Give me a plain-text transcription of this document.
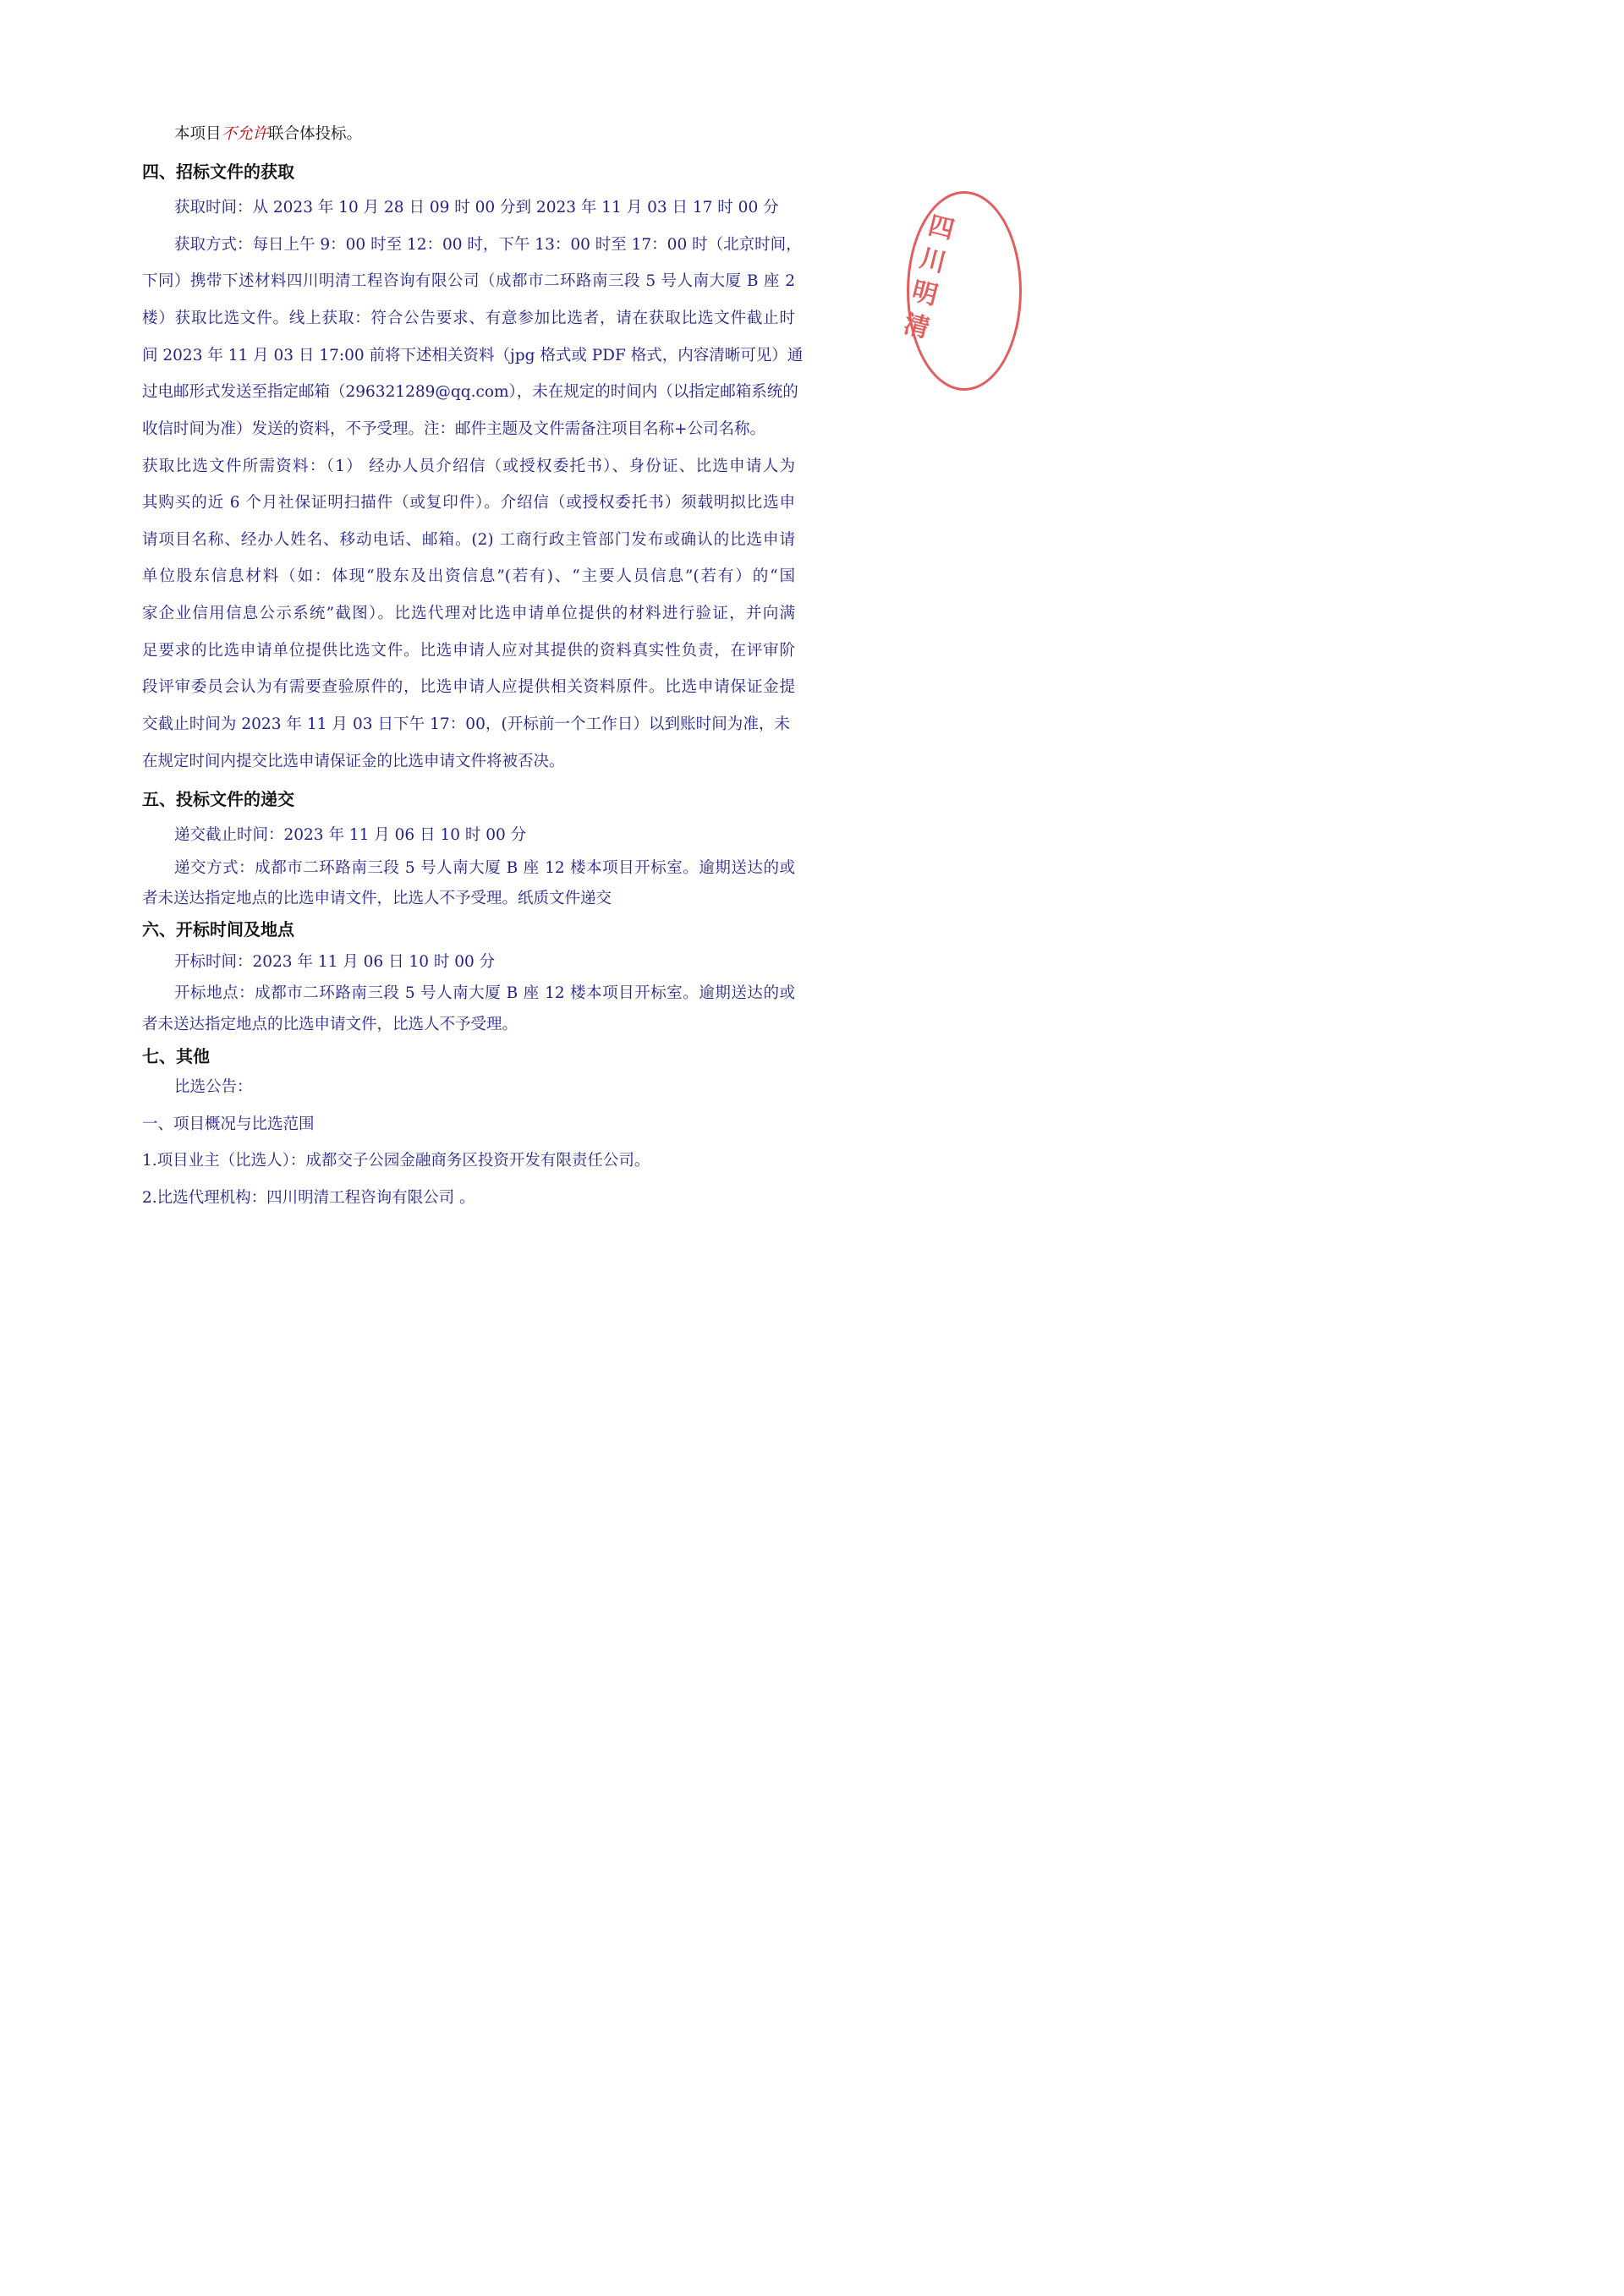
本项目不允许联合体投标。
四、招标文件的获取
获取时间：从 2023 年 10 月 28 日 09 时 00 分到 2023 年 11 月 03 日 17 时 00 分
获取方式：每日上午 9：00 时至 12：00 时，下午 13：00 时至 17：00 时（北京时间，
下同）携带下述材料四川明清工程咨询有限公司（成都市二环路南三段 5 号人南大厦 B 座 2
楼）获取比选文件。线上获取：符合公告要求、有意参加比选者，请在获取比选文件截止时
间 2023 年 11 月 03 日 17:00 前将下述相关资料（jpg 格式或 PDF 格式，内容清晰可见）通
过电邮形式发送至指定邮箱（296321289@qq.com），未在规定的时间内（以指定邮箱系统的
收信时间为准）发送的资料，不予受理。注：邮件主题及文件需备注项目名称+公司名称。
获取比选文件所需资料：（1） 经办人员介绍信（或授权委托书）、身份证、比选申请人为
其购买的近 6 个月社保证明扫描件（或复印件）。介绍信（或授权委托书）须载明拟比选申
请项目名称、经办人姓名、移动电话、邮箱。(2) 工商行政主管部门发布或确认的比选申请
单位股东信息材料（如：体现“股东及出资信息”(若有)、“主要人员信息”(若有）的“国
家企业信用信息公示系统”截图）。比选代理对比选申请单位提供的材料进行验证，并向满
足要求的比选申请单位提供比选文件。比选申请人应对其提供的资料真实性负责，在评审阶
段评审委员会认为有需要查验原件的，比选申请人应提供相关资料原件。比选申请保证金提
交截止时间为 2023 年 11 月 03 日下午 17：00，(开标前一个工作日）以到账时间为准，未
在规定时间内提交比选申请保证金的比选申请文件将被否决。
五、投标文件的递交
递交截止时间：2023 年 11 月 06 日 10 时 00 分
递交方式：成都市二环路南三段 5 号人南大厦 B 座 12 楼本项目开标室。逾期送达的或
者未送达指定地点的比选申请文件，比选人不予受理。纸质文件递交
六、开标时间及地点
开标时间：2023 年 11 月 06 日 10 时 00 分
开标地点：成都市二环路南三段 5 号人南大厦 B 座 12 楼本项目开标室。逾期送达的或
者未送达指定地点的比选申请文件，比选人不予受理。
七、其他
比选公告：
一、项目概况与比选范围
1.项目业主（比选人）：成都交子公园金融商务区投资开发有限责任公司。
2.比选代理机构：四川明清工程咨询有限公司 。
四川明清
